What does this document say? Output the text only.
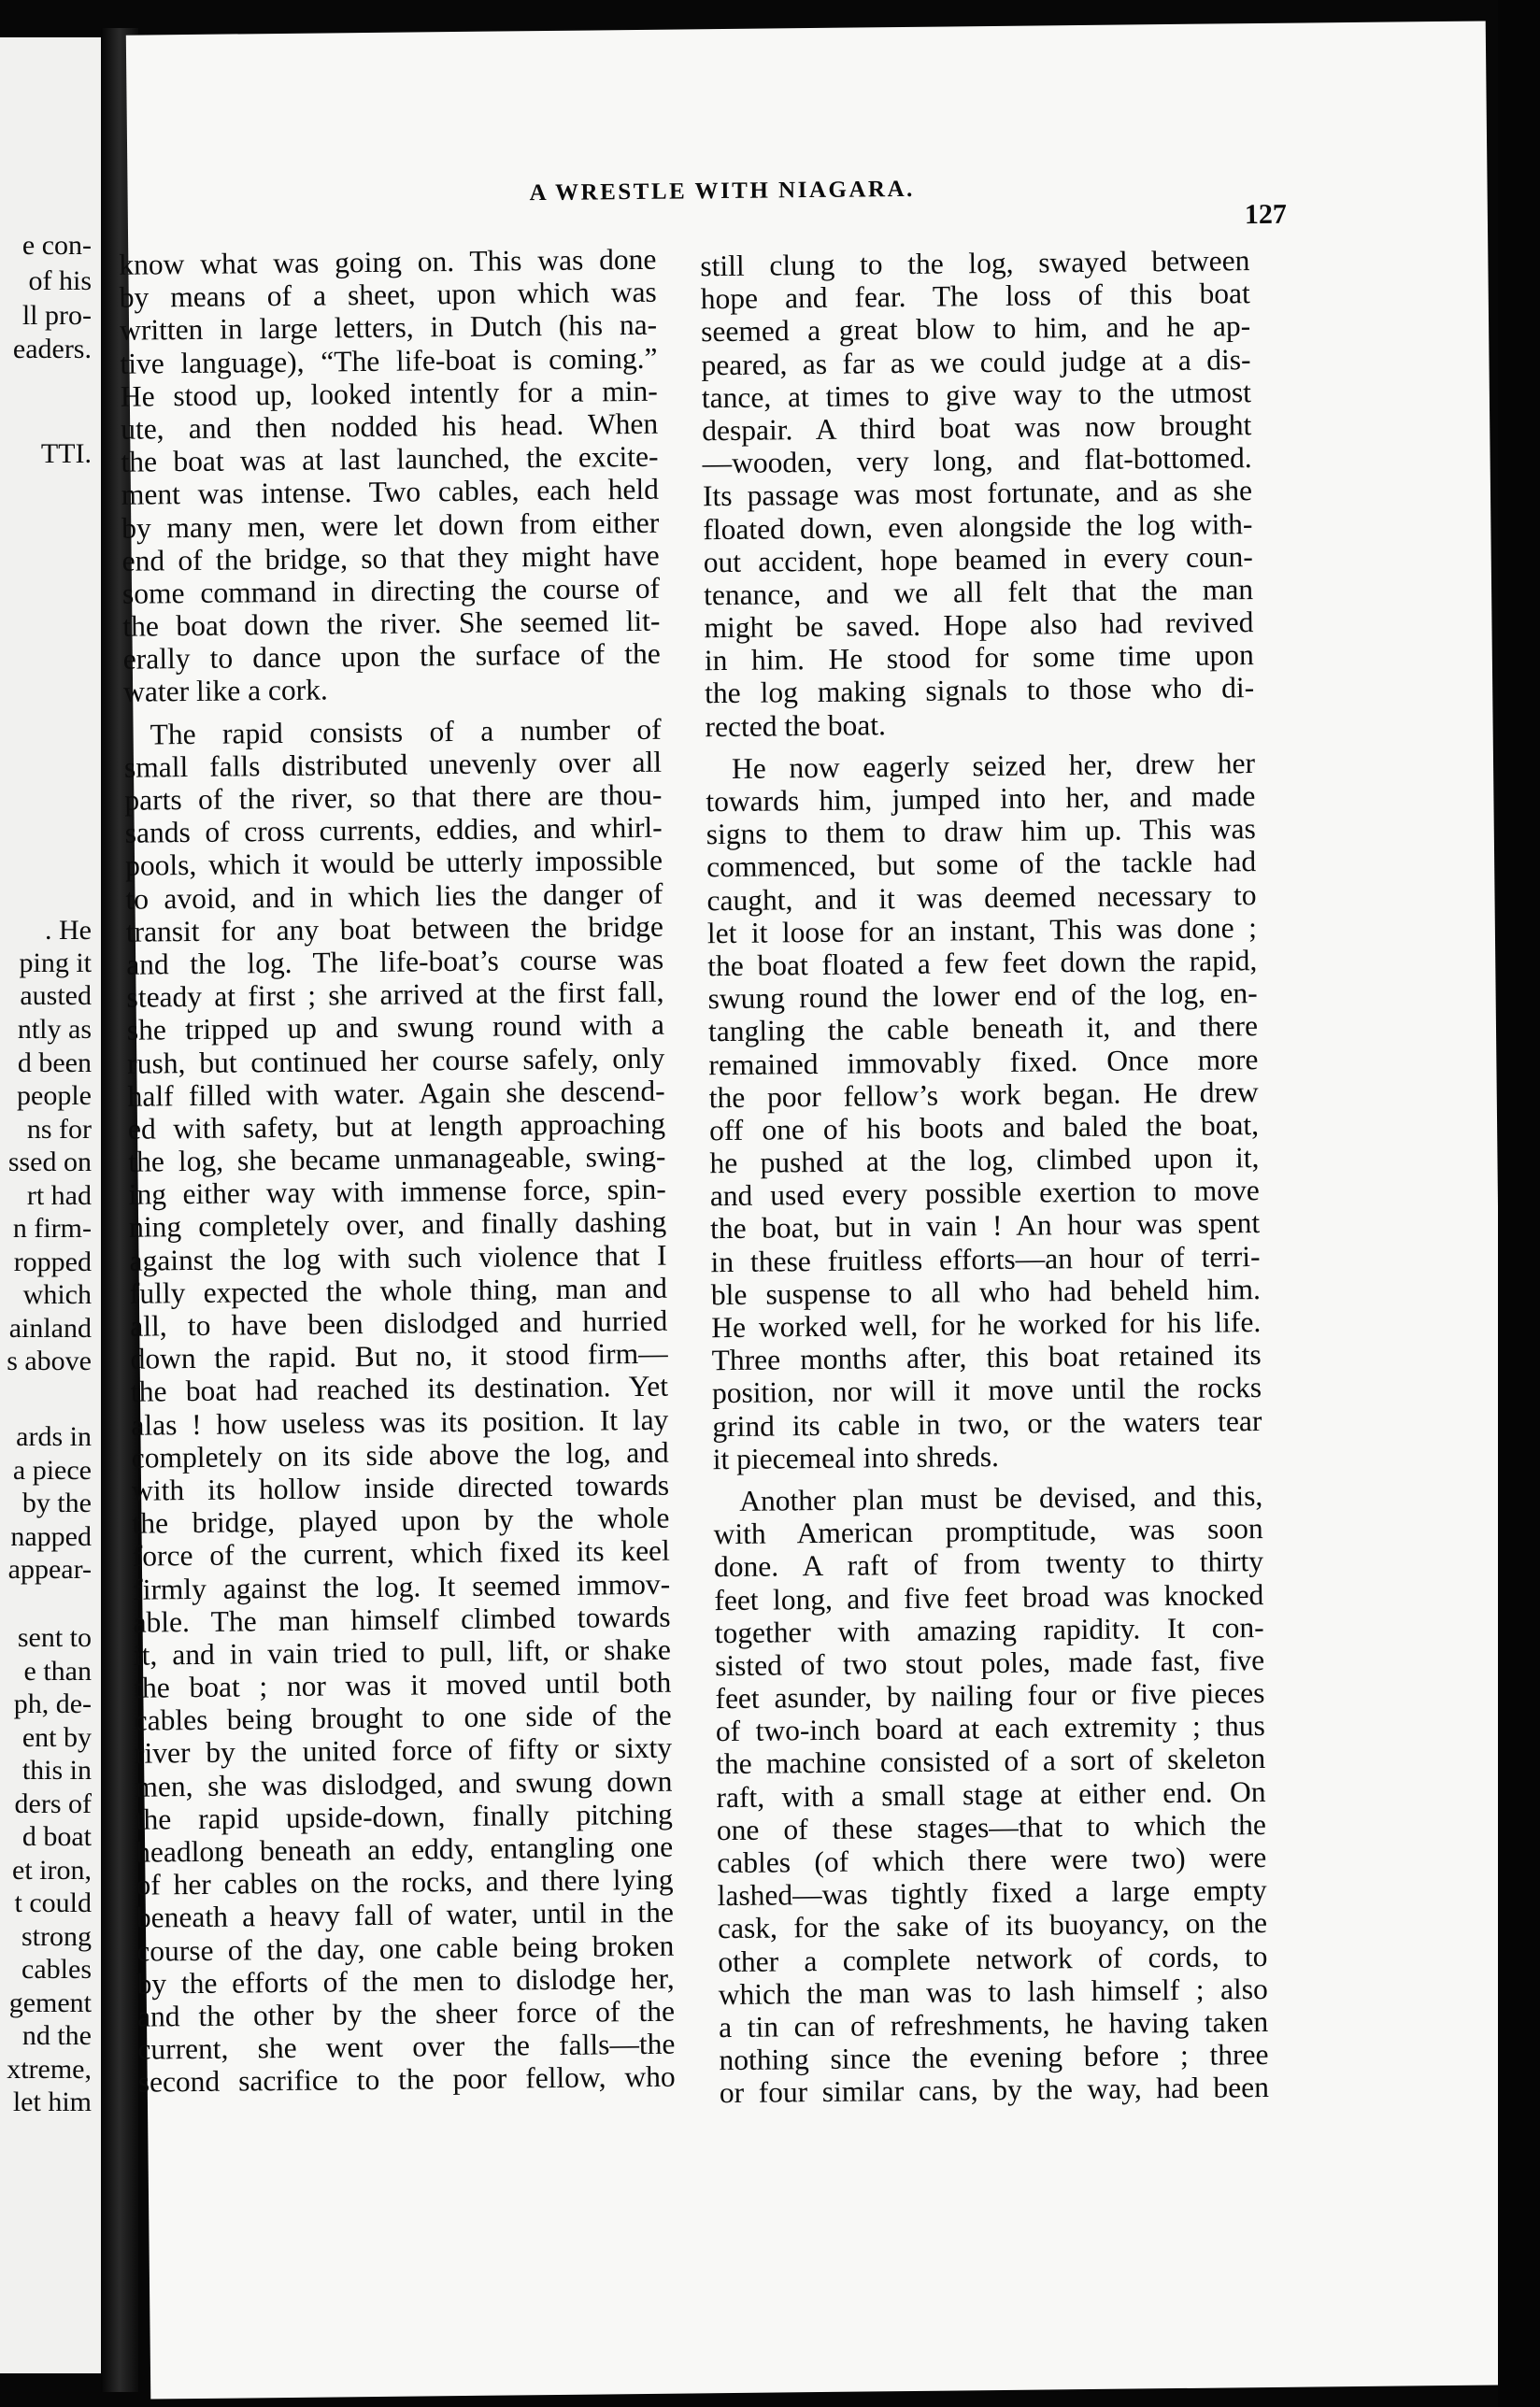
e con-
of his
ll pro-
eaders.
TTI.
. He
ping it
austed
ntly as
d been
people
ns for
ssed on
rt had
n firm-
ropped
which
ainland
s above
ards in
a piece
by the
napped
appear-
sent to
e than
ph, de-
ent by
this in
ders of
d boat
et iron,
t could
strong
cables
gement
nd the
xtreme,
let him
A WRESTLE WITH NIAGARA.
127
know what was going on. This was done
by means of a sheet, upon which was
written in large letters, in Dutch (his na-
tive language), “The life-boat is coming.”
He stood up, looked intently for a min-
ute, and then nodded his head. When
the boat was at last launched, the excite-
ment was intense. Two cables, each held
by many men, were let down from either
end of the bridge, so that they might have
some command in directing the course of
the boat down the river. She seemed lit-
erally to dance upon the surface of the
water like a cork.
The rapid consists of a number of
small falls distributed unevenly over all
parts of the river, so that there are thou-
sands of cross currents, eddies, and whirl-
pools, which it would be utterly impossible
to avoid, and in which lies the danger of
transit for any boat between the bridge
and the log. The life-boat’s course was
steady at first ; she arrived at the first fall,
she tripped up and swung round with a
rush, but continued her course safely, only
half filled with water. Again she descend-
ed with safety, but at length approaching
the log, she became unmanageable, swing-
ing either way with immense force, spin-
ning completely over, and finally dashing
against the log with such violence that I
fully expected the whole thing, man and
all, to have been dislodged and hurried
down the rapid. But no, it stood firm—
the boat had reached its destination. Yet
alas ! how useless was its position. It lay
completely on its side above the log, and
with its hollow inside directed towards
the bridge, played upon by the whole
force of the current, which fixed its keel
firmly against the log. It seemed immov-
able. The man himself climbed towards
it, and in vain tried to pull, lift, or shake
the boat ; nor was it moved until both
cables being brought to one side of the
river by the united force of fifty or sixty
men, she was dislodged, and swung down
the rapid upside-down, finally pitching
headlong beneath an eddy, entangling one
of her cables on the rocks, and there lying
beneath a heavy fall of water, until in the
course of the day, one cable being broken
by the efforts of the men to dislodge her,
and the other by the sheer force of the
current, she went over the falls—the
second sacrifice to the poor fellow, who
still clung to the log, swayed between
hope and fear. The loss of this boat
seemed a great blow to him, and he ap-
peared, as far as we could judge at a dis-
tance, at times to give way to the utmost
despair. A third boat was now brought
—wooden, very long, and flat-bottomed.
Its passage was most fortunate, and as she
floated down, even alongside the log with-
out accident, hope beamed in every coun-
tenance, and we all felt that the man
might be saved. Hope also had revived
in him. He stood for some time upon
the log making signals to those who di-
rected the boat.
He now eagerly seized her, drew her
towards him, jumped into her, and made
signs to them to draw him up. This was
commenced, but some of the tackle had
caught, and it was deemed necessary to
let it loose for an instant, This was done ;
the boat floated a few feet down the rapid,
swung round the lower end of the log, en-
tangling the cable beneath it, and there
remained immovably fixed. Once more
the poor fellow’s work began. He drew
off one of his boots and baled the boat,
he pushed at the log, climbed upon it,
and used every possible exertion to move
the boat, but in vain ! An hour was spent
in these fruitless efforts—an hour of terri-
ble suspense to all who had beheld him.
He worked well, for he worked for his life.
Three months after, this boat retained its
position, nor will it move until the rocks
grind its cable in two, or the waters tear
it piecemeal into shreds.
Another plan must be devised, and this,
with American promptitude, was soon
done. A raft of from twenty to thirty
feet long, and five feet broad was knocked
together with amazing rapidity. It con-
sisted of two stout poles, made fast, five
feet asunder, by nailing four or five pieces
of two-inch board at each extremity ; thus
the machine consisted of a sort of skeleton
raft, with a small stage at either end. On
one of these stages—that to which the
cables (of which there were two) were
lashed—was tightly fixed a large empty
cask, for the sake of its buoyancy, on the
other a complete network of cords, to
which the man was to lash himself ; also
a tin can of refreshments, he having taken
nothing since the evening before ; three
or four similar cans, by the way, had been
